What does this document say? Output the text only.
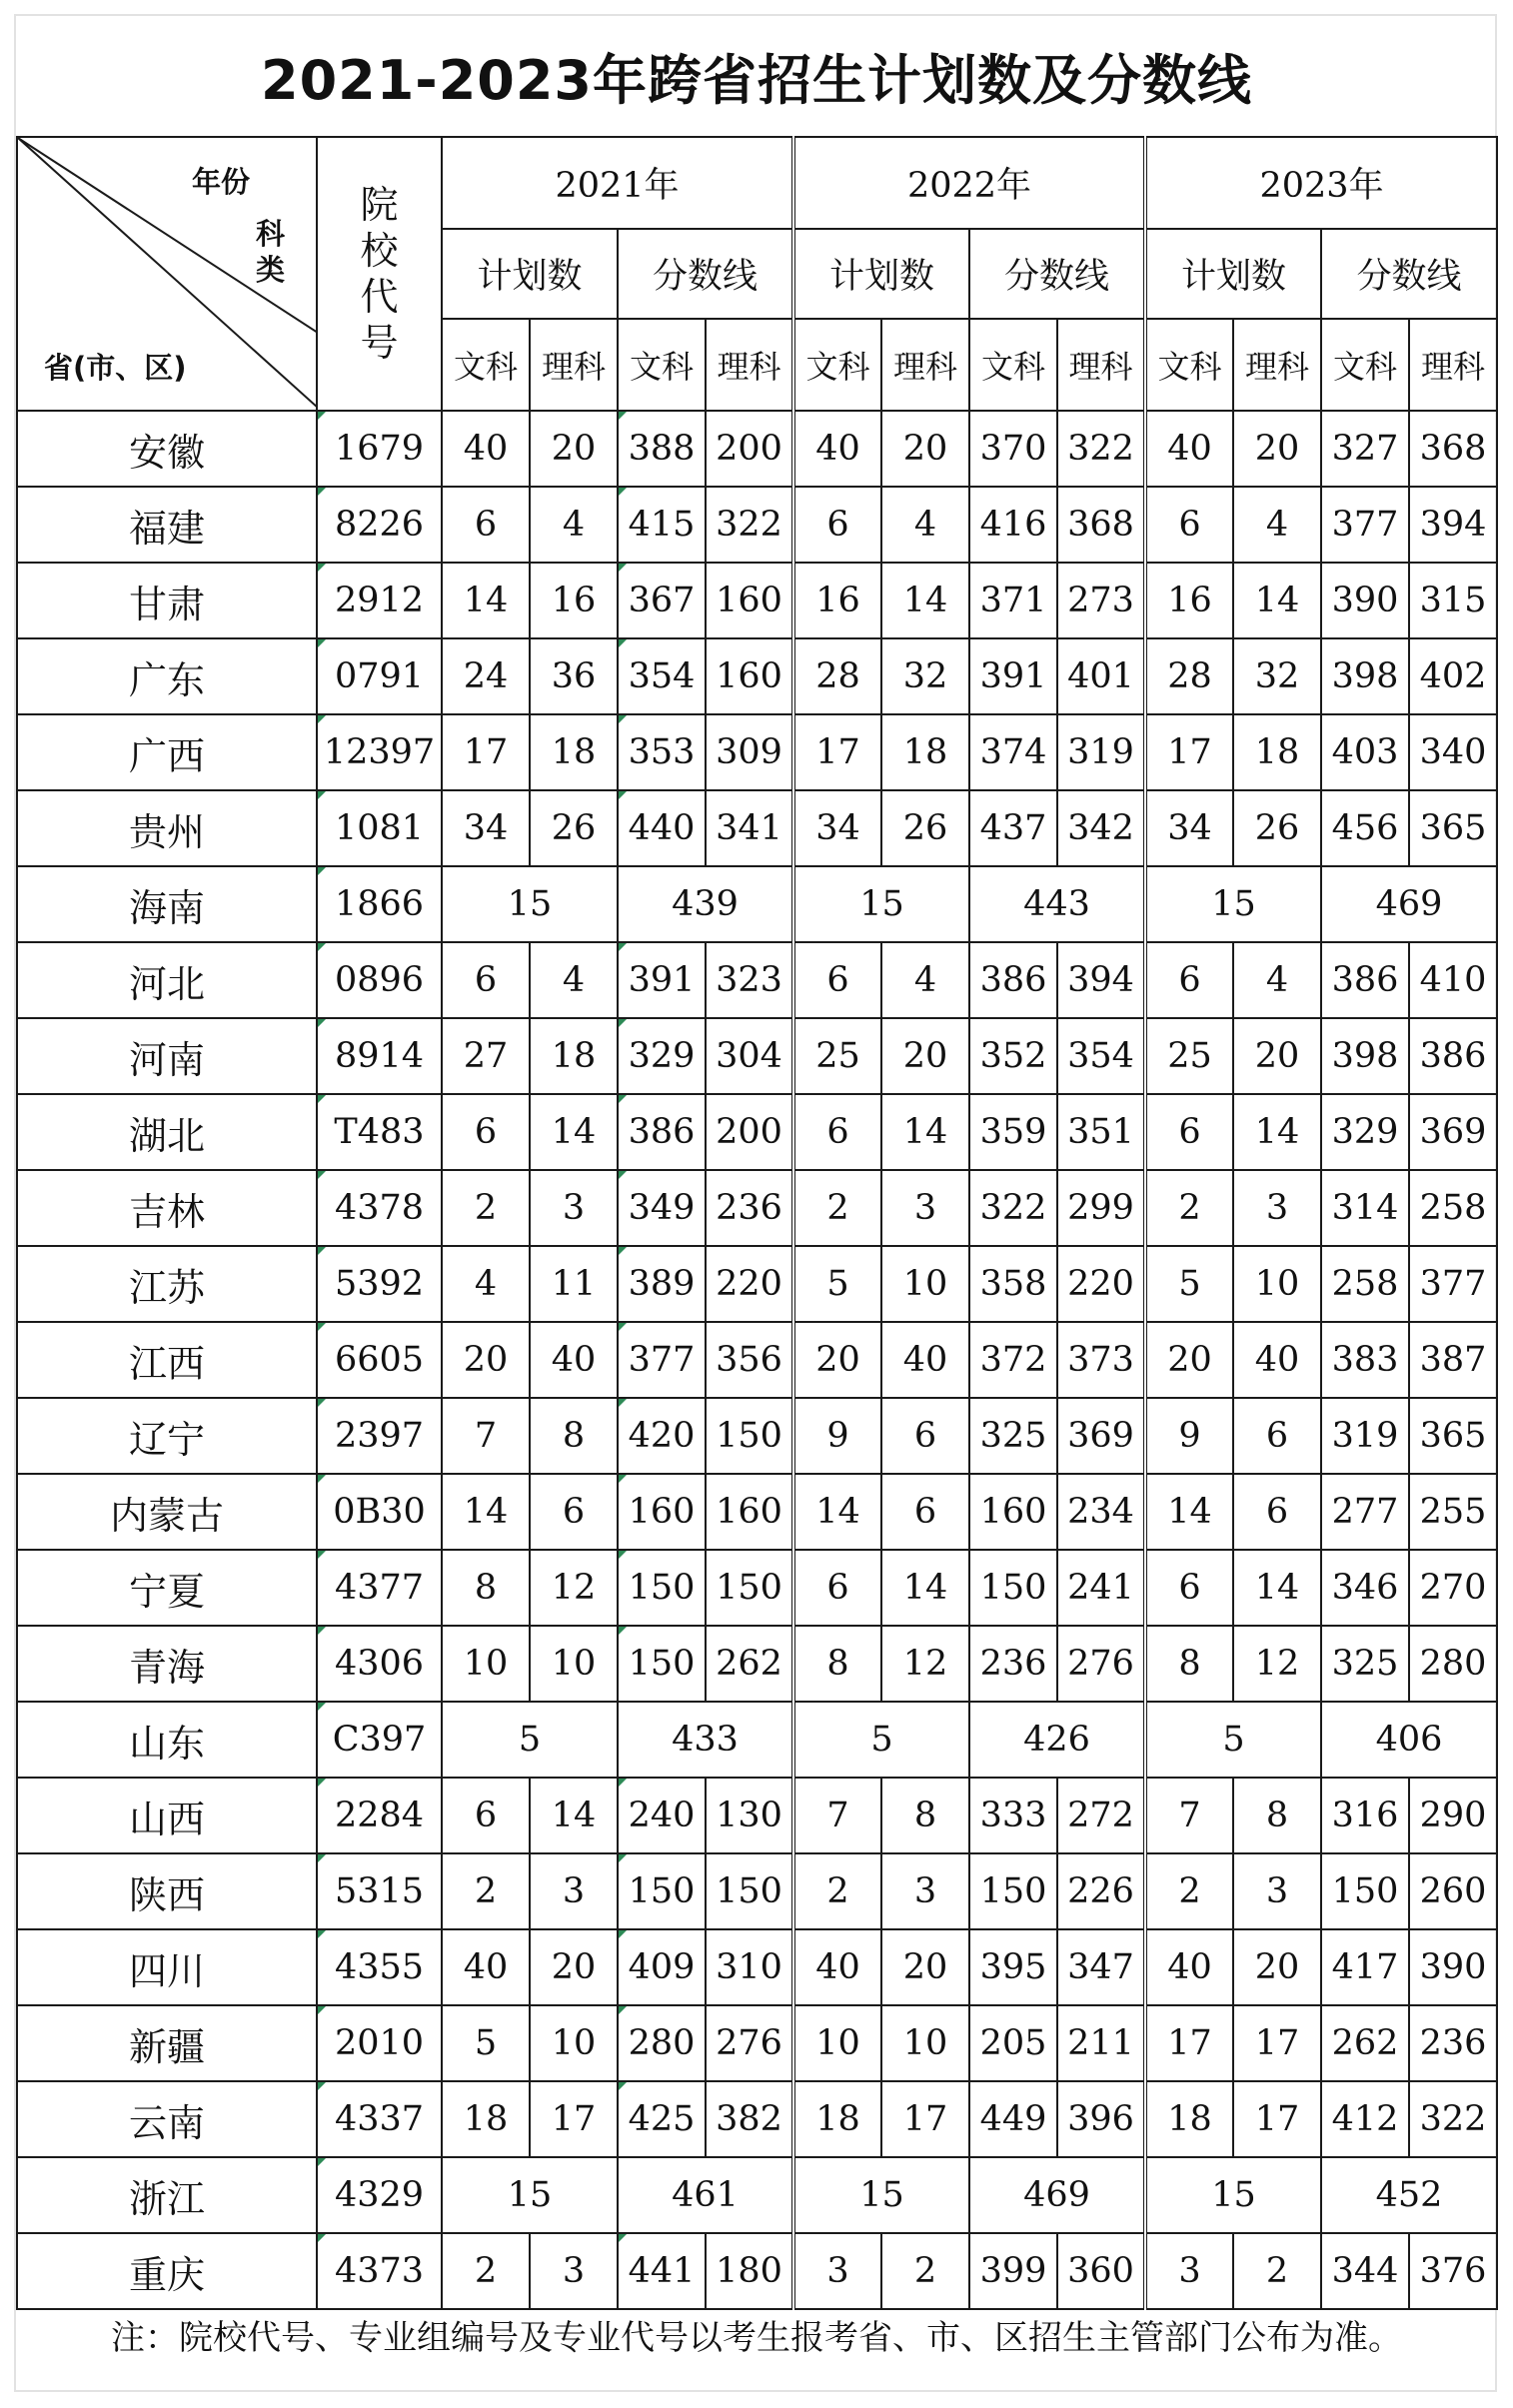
2021-2023年跨省招生计划数及分数线
年份
科
类
省(市、区)	院校代号	2021年				2022年				2023年			
		计划数		分数线		计划数		分数线		计划数		分数线	
		文科	理科	文科	理科	文科	理科	文科	理科	文科	理科	文科	理科
安徽	1679	40	20	388	200	40	20	370	322	40	20	327	368
福建	8226	6	4	415	322	6	4	416	368	6	4	377	394
甘肃	2912	14	16	367	160	16	14	371	273	16	14	390	315
广东	0791	24	36	354	160	28	32	391	401	28	32	398	402
广西	12397	17	18	353	309	17	18	374	319	17	18	403	340
贵州	1081	34	26	440	341	34	26	437	342	34	26	456	365
海南	1866	15		439		15		443		15		469	
河北	0896	6	4	391	323	6	4	386	394	6	4	386	410
河南	8914	27	18	329	304	25	20	352	354	25	20	398	386
湖北	T483	6	14	386	200	6	14	359	351	6	14	329	369
吉林	4378	2	3	349	236	2	3	322	299	2	3	314	258
江苏	5392	4	11	389	220	5	10	358	220	5	10	258	377
江西	6605	20	40	377	356	20	40	372	373	20	40	383	387
辽宁	2397	7	8	420	150	9	6	325	369	9	6	319	365
内蒙古	0B30	14	6	160	160	14	6	160	234	14	6	277	255
宁夏	4377	8	12	150	150	6	14	150	241	6	14	346	270
青海	4306	10	10	150	262	8	12	236	276	8	12	325	280
山东	C397	5		433		5		426		5		406	
山西	2284	6	14	240	130	7	8	333	272	7	8	316	290
陕西	5315	2	3	150	150	2	3	150	226	2	3	150	260
四川	4355	40	20	409	310	40	20	395	347	40	20	417	390
新疆	2010	5	10	280	276	10	10	205	211	17	17	262	236
云南	4337	18	17	425	382	18	17	449	396	18	17	412	322
浙江	4329	15		461		15		469		15		452	
重庆	4373	2	3	441	180	3	2	399	360	3	2	344	376
注：院校代号、专业组编号及专业代号以考生报考省、市、区招生主管部门公布为准。
